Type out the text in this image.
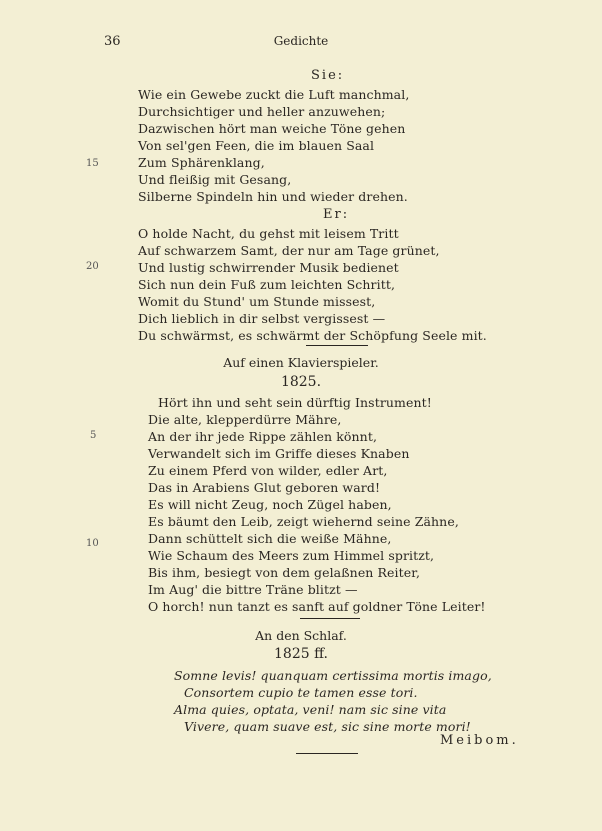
36	Gedichte
Sie:
Wie ein Gewebe zuckt die Luft manchmal,
Durchsichtiger und heller anzuwehen;
Dazwischen hört man weiche Töne gehen
Von sel'gen Feen, die im blauen Saal
Zum Sphärenklang,
Und fleißig mit Gesang,
Silberne Spindeln hin und wieder drehen.
15
Er:
O holde Nacht, du gehst mit leisem Tritt
Auf schwarzem Samt, der nur am Tage grünet,
Und lustig schwirrender Musik bedienet
Sich nun dein Fuß zum leichten Schritt,
Womit du Stund' um Stunde missest,
Dich lieblich in dir selbst vergissest —
Du schwärmst, es schwärmt der Schöpfung Seele mit.
20
Auf einen Klavierspieler.
1825.
Hört ihn und seht sein dürftig Instrument!
Die alte, klepperdürre Mähre,
An der ihr jede Rippe zählen könnt,
Verwandelt sich im Griffe dieses Knaben
Zu einem Pferd von wilder, edler Art,
Das in Arabiens Glut geboren ward!
Es will nicht Zeug, noch Zügel haben,
Es bäumt den Leib, zeigt wiehernd seine Zähne,
Dann schüttelt sich die weiße Mähne,
Wie Schaum des Meers zum Himmel spritzt,
Bis ihm, besiegt von dem gelaßnen Reiter,
Im Aug' die bittre Träne blitzt —
O horch! nun tanzt es sanft auf goldner Töne Leiter!
5
10
An den Schlaf.
1825 ff.
Somne levis! quanquam certissima mortis imago,
Consortem cupio te tamen esse tori.
Alma quies, optata, veni! nam sic sine vita
Vivere, quam suave est, sic sine morte mori!
Meibom.
